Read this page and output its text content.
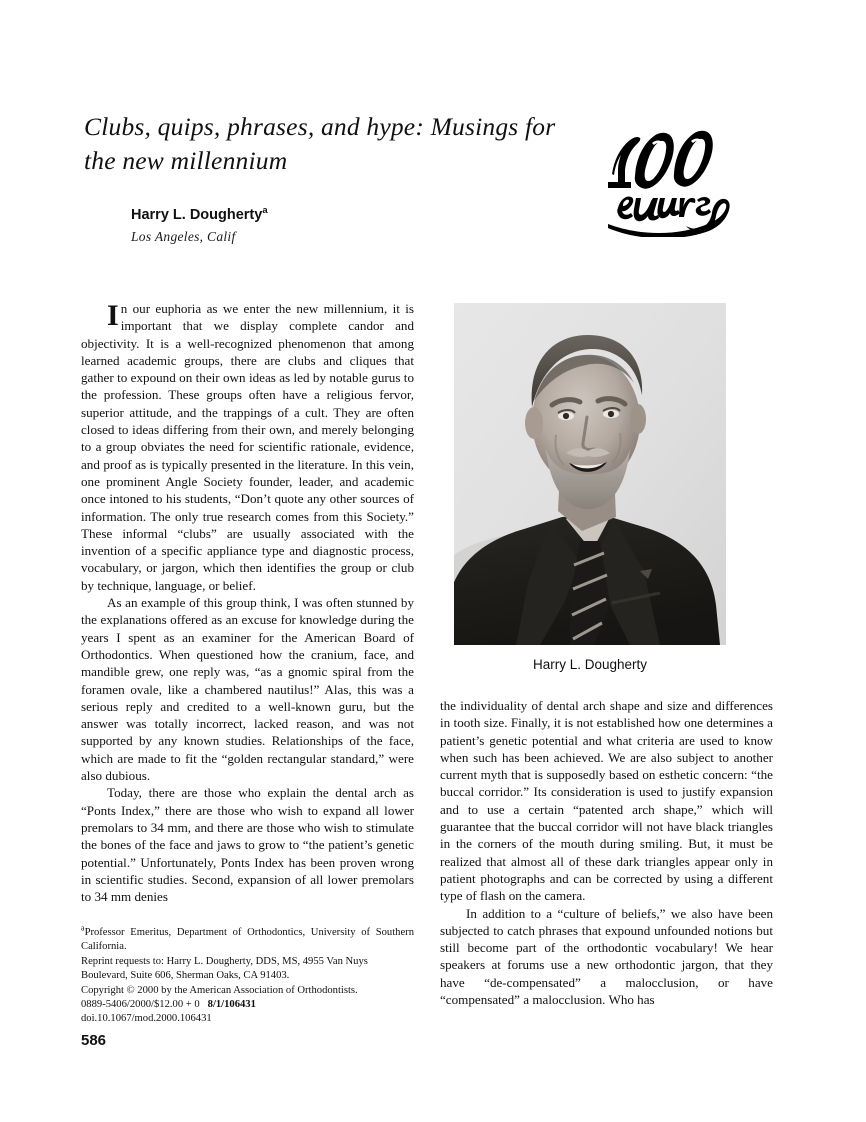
Clubs, quips, phrases, and hype: Musings for the new millennium
Harry L. Dougherty$^a$
Los Angeles, Calif
Harry L. Dougherty

In our euphoria as we enter the new millennium, it is important that we display complete candor and objectivity. It is a well-recognized phenomenon that among learned academic groups, there are clubs and cliques that gather to expound on their own ideas as led by notable gurus to the profession. These groups often have a religious fervor, superior attitude, and the trappings of a cult. They are often closed to ideas differing from their own, and merely belonging to a group obviates the need for scientific rationale, evidence, and proof as is typically presented in the literature. In this vein, one prominent Angle Society founder, leader, and academic once intoned to his students, “Don’t quote any other sources of information. The only true research comes from this Society.” These informal “clubs” are usually associated with the invention of a specific appliance type and diagnostic process, vocabulary, or jargon, which then identifies the group or club by technique, language, or belief.

As an example of this group think, I was often stunned by the explanations offered as an excuse for knowledge during the years I spent as an examiner for the American Board of Orthodontics. When questioned how the cranium, face, and mandible grew, one reply was, “as a gnomic spiral from the foramen ovale, like a chambered nautilus!” Alas, this was a serious reply and credited to a well-known guru, but the answer was totally incorrect, lacked reason, and was not supported by any known studies. Relationships of the face, which are made to fit the “golden rectangular standard,” were also dubious.

Today, there are those who explain the dental arch as “Ponts Index,” there are those who wish to expand all lower premolars to 34 mm, and there are those who wish to stimulate the bones of the face and jaws to grow to “the patient’s genetic potential.” Unfortunately, Ponts Index has been proven wrong in scientific studies. Second, expansion of all lower premolars to 34 mm denies

the individuality of dental arch shape and size and differences in tooth size. Finally, it is not established how one determines a patient’s genetic potential and what criteria are used to know when such has been achieved. We are also subject to another current myth that is supposedly based on esthetic concern: “the buccal corridor.” Its consideration is used to justify expansion and to use a certain “patented arch shape,” which will guarantee that the buccal corridor will not have black triangles in the corners of the mouth during smiling. But, it must be realized that almost all of these dark triangles appear only in patient photographs and can be corrected by using a different type of flash on the camera.

In addition to a “culture of beliefs,” we also have been subjected to catch phrases that expound unfounded notions but still become part of the orthodontic vocabulary! We hear speakers at forums use a new orthodontic jargon, that they have “de-compensated” a malocclusion, or have “compensated” a malocclusion. Who has

$^a$Professor Emeritus, Department of Orthodontics, University of Southern California.

Reprint requests to: Harry L. Dougherty, DDS, MS, 4955 Van Nuys Boulevard, Suite 606, Sherman Oaks, CA 91403.

Copyright © 2000 by the American Association of Orthodontists.

0889-5406/2000/$12.00 + 0 8/1/106431

doi.10.1067/mod.2000.106431

586
